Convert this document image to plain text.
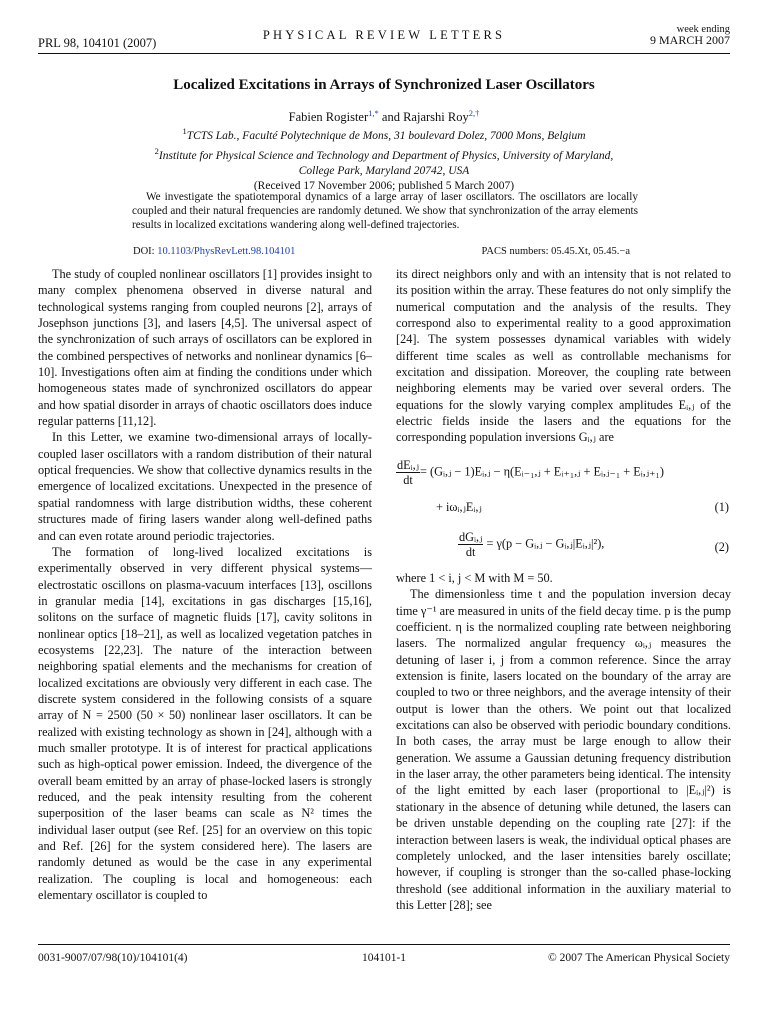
PRL 98, 104101 (2007)
PHYSICAL REVIEW LETTERS	week ending
9 MARCH 2007
Localized Excitations in Arrays of Synchronized Laser Oscillators
Fabien Rogister$^{1,*}$ and Rajarshi Roy$^{2,\dagger}$
$^1$TCTS Lab., Faculté Polytechnique de Mons, 31 boulevard Dolez, 7000 Mons, Belgium
$^2$Institute for Physical Science and Technology and Department of Physics, University of Maryland,
College Park, Maryland 20742, USA
(Received 17 November 2006; published 5 March 2007)
We investigate the spatiotemporal dynamics of a large array of laser oscillators. The oscillators are locally coupled and their natural frequencies are randomly detuned. We show that synchronization of the array elements results in localized excitations wandering along well-defined trajectories.
DOI: 10.1103/PhysRevLett.98.104101	PACS numbers: 05.45.Xt, 05.45.−a

The study of coupled nonlinear oscillators [1] provides insight to many complex phenomena observed in diverse natural and technological systems ranging from coupled neurons [2], arrays of Josephson junctions [3], and lasers [4,5]. The universal aspect of the synchronization of such arrays of oscillators can be explored in the combined perspectives of networks and nonlinear dynamics [6–10]. Investigations often aim at finding the conditions under which homogeneous states made of synchronized oscillators do appear and how spatial disorder in arrays of chaotic oscillators does induce regular patterns [11,12].

In this Letter, we examine two-dimensional arrays of locally-coupled laser oscillators with a random distribution of their natural optical frequencies. We show that collective dynamics results in the emergence of localized excitations. Unexpected in the presence of spatial randomness with large distribution widths, these coherent structures made of firing lasers wander along well-defined paths and can even rotate around periodic trajectories.

The formation of long-lived localized excitations is experimentally observed in very different physical systems—electrostatic oscillons on plasma-vacuum interfaces [13], oscillons in granular media [14], excitations in gas discharges [15,16], solitons on the surface of magnetic fluids [17], cavity solitons in nonlinear optics [18–21], as well as localized vegetation patches in ecosystems [22,23]. The nature of the interaction between neighboring spatial elements and the mechanisms for creation of localized excitations are obviously very different in each case. The discrete system considered in the following consists of a square array of N = 2500 (50 × 50) nonlinear laser oscillators. It can be realized with existing technology as shown in [24], although with a much smaller prototype. It is of interest for practical applications such as high-optical power emission. Indeed, the divergence of the overall beam emitted by an array of phase-locked lasers is strongly reduced, and the peak intensity resulting from the coherent superposition of the laser beams can scale as N² times the individual laser output (see Ref. [25] for an overview on this topic and Ref. [26] for the system considered here). The lasers are randomly detuned as would be the case in any experimental realization. The coupling is local and homogeneous: each elementary oscillator is coupled to

its direct neighbors only and with an intensity that is not related to its position within the array. These features do not only simplify the numerical computation and the analysis of the results. They correspond also to experimental reality to a good approximation [24]. The system possesses dynamical variables with widely different time scales as well as controllable mechanisms for excitation and dissipation. Moreover, the coupling rate between neighboring elements may be varied over several orders. The equations for the slowly varying complex amplitudes Eᵢ,ⱼ of the electric fields inside the lasers and the equations for the corresponding population inversions Gᵢ,ⱼ are

$\frac{\text{dEᵢ,ⱼ}}{dt}$ = (Gᵢ,ⱼ − 1)Eᵢ,ⱼ − η(Eᵢ₋₁,ⱼ + Eᵢ₊₁,ⱼ + Eᵢ,ⱼ₋₁ + Eᵢ,ⱼ₊₁)
+ iωᵢ,ⱼEᵢ,ⱼ	(1)
$\frac{\text{dGᵢ,ⱼ}}{dt} = \gamma(p$ − Gᵢ,ⱼ − Gᵢ,ⱼ|Eᵢ,ⱼ|²),	(2)

where 1 < i, j < M with M = 50.

The dimensionless time t and the population inversion decay time γ⁻¹ are measured in units of the field decay time. p is the pump coefficient. η is the normalized coupling rate between neighboring lasers. The normalized angular frequency ωᵢ,ⱼ measures the detuning of laser i, j from a common reference. Since the array extension is finite, lasers located on the boundary of the array are coupled to two or three neighbors, and the average intensity of their output is lower than the others. We point out that localized excitations can also be observed with periodic boundary conditions. In both cases, the array must be large enough to allow their generation. We assume a Gaussian detuning frequency distribution in the laser array, the other parameters being identical. The intensity of the light emitted by each laser (proportional to |Eᵢ,ⱼ|²) is stationary in the absence of detuning while detuned, the lasers can be driven unstable depending on the coupling rate [27]: if the interaction between lasers is weak, the individual optical phases are completely unlocked, and the laser intensities barely oscillate; however, if coupling is stronger than the so-called phase-locking threshold (see additional information in the auxiliary material to this Letter [28]; see

0031-9007/07/98(10)/104101(4)	104101-1	© 2007 The American Physical Society
